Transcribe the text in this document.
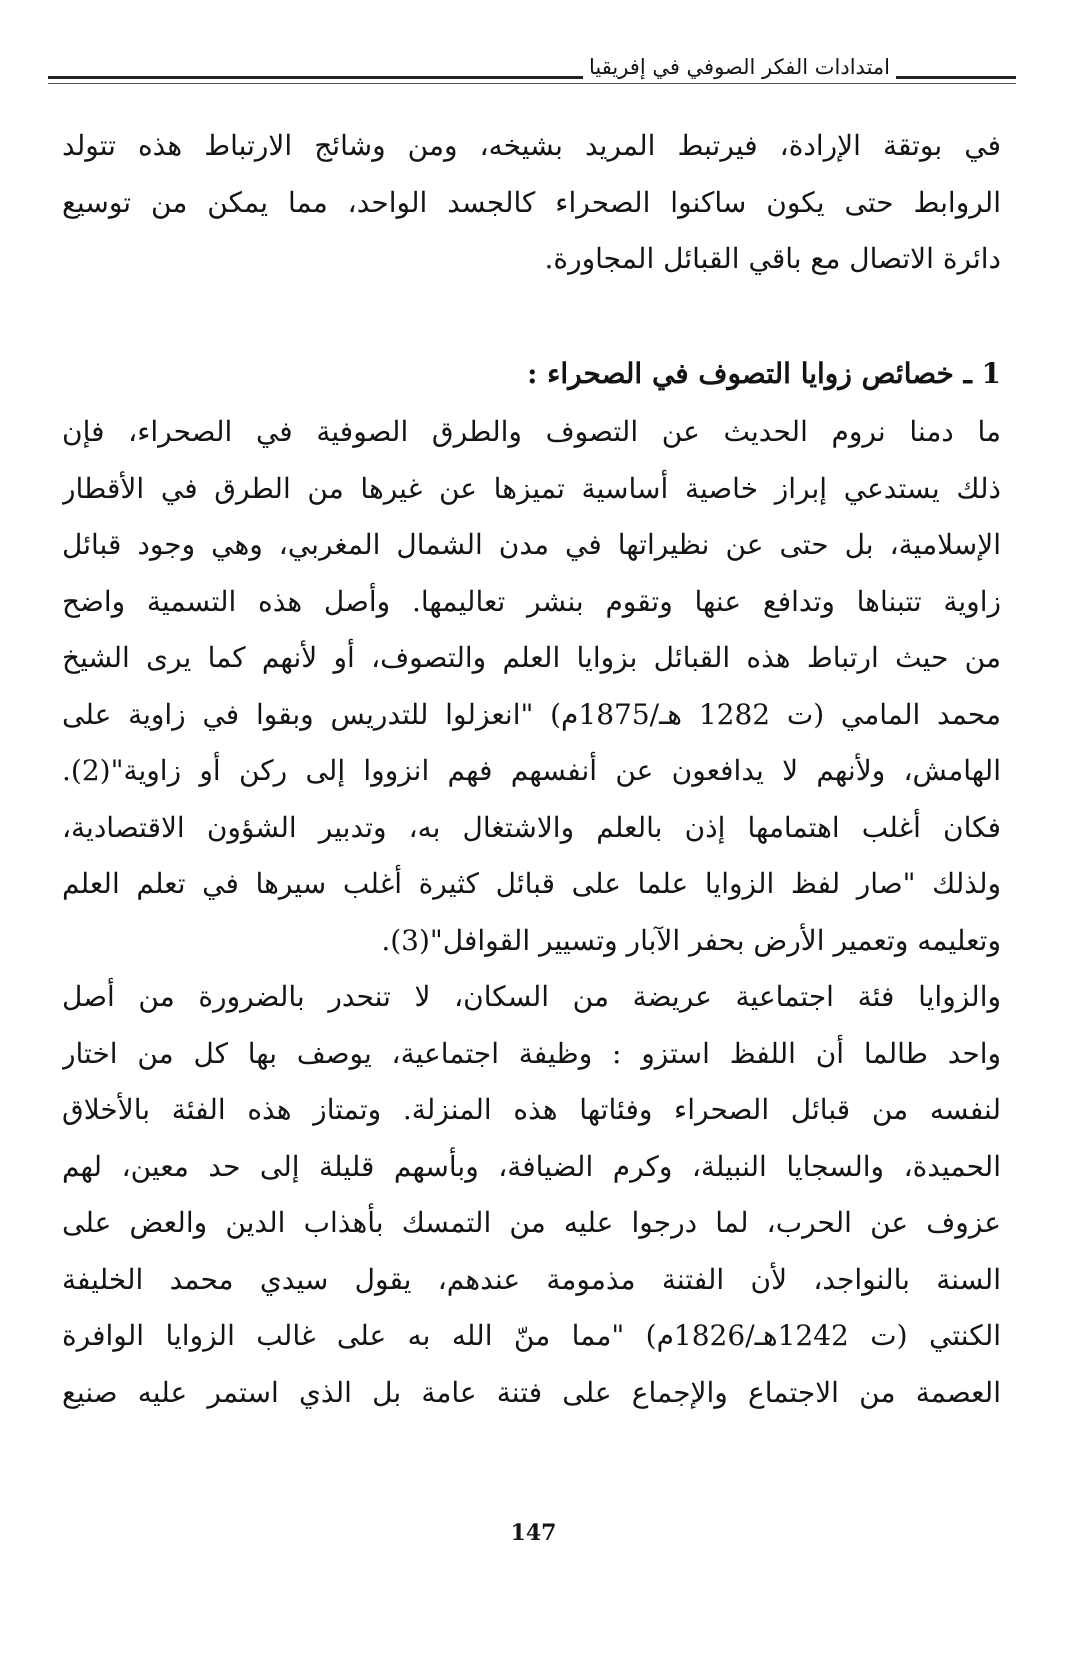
امتدادات الفكر الصوفي في إفريقيا
في بوتقة الإرادة، فيرتبط المريد بشيخه، ومن وشائج الارتباط هذه تتولد
الروابط حتى يكون ساكنوا الصحراء كالجسد الواحد، مما يمكن من توسيع
دائرة الاتصال مع باقي القبائل المجاورة.
1 ـ خصائص زوايا التصوف في الصحراء :
ما دمنا نروم الحديث عن التصوف والطرق الصوفية في الصحراء، فإن
ذلك يستدعي إبراز خاصية أساسية تميزها عن غيرها من الطرق في الأقطار
الإسلامية، بل حتى عن نظيراتها في مدن الشمال المغربي، وهي وجود قبائل
زاوية تتبناها وتدافع عنها وتقوم بنشر تعاليمها. وأصل هذه التسمية واضح
من حيث ارتباط هذه القبائل بزوايا العلم والتصوف، أو لأنهم كما يرى الشيخ
محمد المامي (ت 1282 هـ/1875م) "انعزلوا للتدريس وبقوا في زاوية على
الهامش، ولأنهم لا يدافعون عن أنفسهم فهم انزووا إلى ركن أو زاوية"(2).
فكان أغلب اهتمامها إذن بالعلم والاشتغال به، وتدبير الشؤون الاقتصادية،
ولذلك "صار لفظ الزوايا علما على قبائل كثيرة أغلب سيرها في تعلم العلم
وتعليمه وتعمير الأرض بحفر الآبار وتسيير القوافل"(3).
والزوايا فئة اجتماعية عريضة من السكان، لا تنحدر بالضرورة من أصل
واحد طالما أن اللفظ استزو : وظيفة اجتماعية، يوصف بها كل من اختار
لنفسه من قبائل الصحراء وفئاتها هذه المنزلة. وتمتاز هذه الفئة بالأخلاق
الحميدة، والسجايا النبيلة، وكرم الضيافة، وبأسهم قليلة إلى حد معين، لهم
عزوف عن الحرب، لما درجوا عليه من التمسك بأهذاب الدين والعض على
السنة بالنواجد، لأن الفتنة مذمومة عندهم، يقول سيدي محمد الخليفة
الكنتي (ت 1242هـ/1826م) "مما منّ الله به على غالب الزوايا الوافرة
العصمة من الاجتماع والإجماع على فتنة عامة بل الذي استمر عليه صنيع
147
